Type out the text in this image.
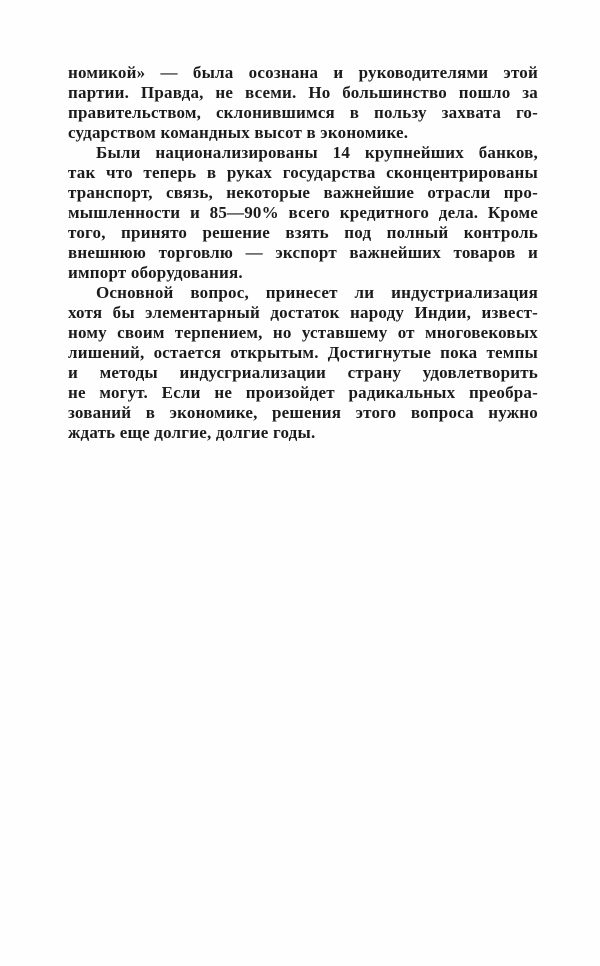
номикой» — была осознана и руководителями этой
партии. Правда, не всеми. Но большинство пошло за
правительством, склонившимся в пользу захвата го-
сударством командных высот в экономике.
Были национализированы 14 крупнейших банков,
так что теперь в руках государства сконцентрированы
транспорт, связь, некоторые важнейшие отрасли про-
мышленности и 85—90% всего кредитного дела. Кроме
того, принято решение взять под полный контроль
внешнюю торговлю — экспорт важнейших товаров и
импорт оборудования.
Основной вопрос, принесет ли индустриализация
хотя бы элементарный достаток народу Индии, извест-
ному своим терпением, но уставшему от многовековых
лишений, остается открытым. Достигнутые пока темпы
и методы индусгриализации страну удовлетворить
не могут. Если не произойдет радикальных преобра-
зований в экономике, решения этого вопроса нужно
ждать еще долгие, долгие годы.
